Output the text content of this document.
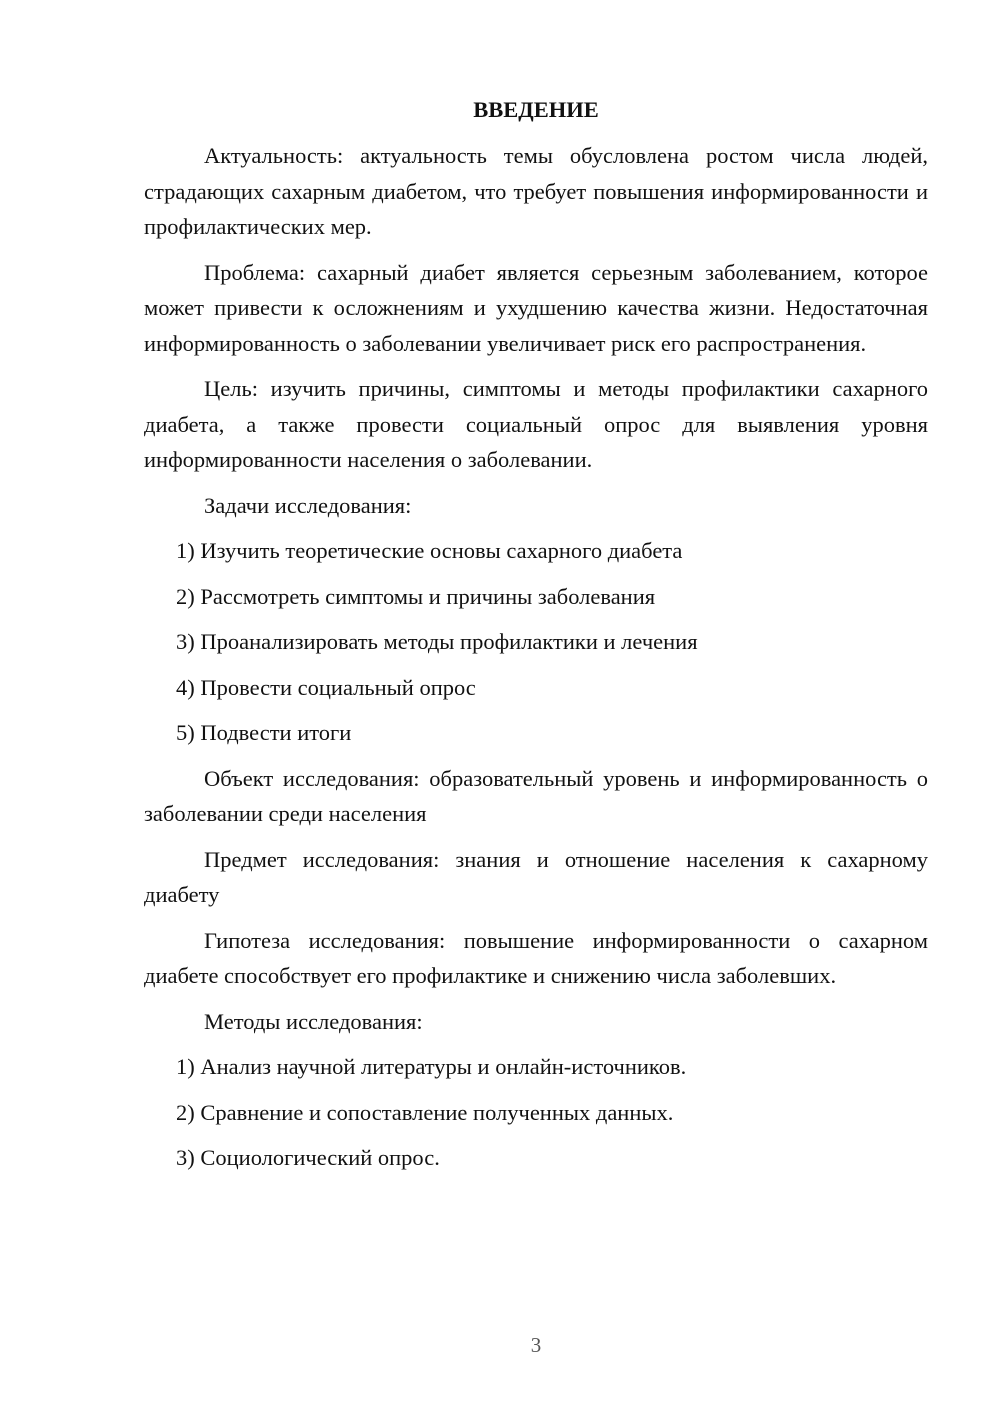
ВВЕДЕНИЕ
Актуальность: актуальность темы обусловлена ростом числа людей, страдающих сахарным диабетом, что требует повышения информированности и профилактических мер.
Проблема: сахарный диабет является серьезным заболеванием, которое может привести к осложнениям и ухудшению качества жизни. Недостаточная информированность о заболевании увеличивает риск его распространения.
Цель: изучить причины, симптомы и методы профилактики сахарного диабета, а также провести социальный опрос для выявления уровня информированности населения о заболевании.
Задачи исследования:
1) Изучить теоретические основы сахарного диабета
2) Рассмотреть симптомы и причины заболевания
3) Проанализировать методы профилактики и лечения
4) Провести социальный опрос
5) Подвести итоги
Объект исследования: образовательный уровень и информированность о заболевании среди населения
Предмет исследования: знания и отношение населения к сахарному диабету
Гипотеза исследования: повышение информированности о сахарном диабете способствует его профилактике и снижению числа заболевших.
Методы исследования:
1) Анализ научной литературы и онлайн-источников.
2) Сравнение и сопоставление полученных данных.
3) Социологический опрос.
3
